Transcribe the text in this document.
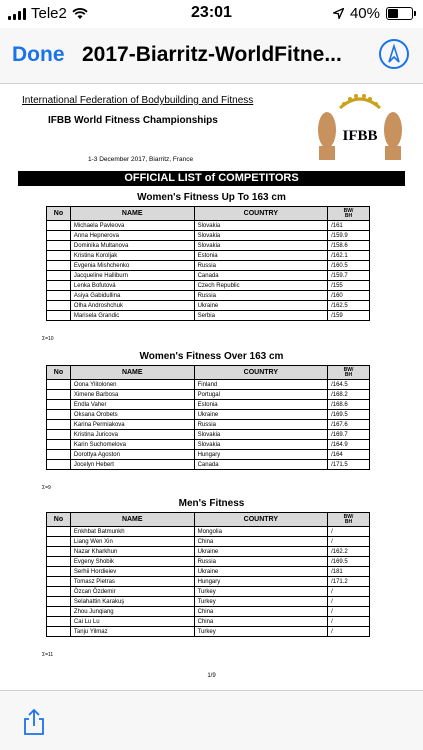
Tele2	23:01	40%
Done 2017-Biarritz-WorldFitne...
International Federation of Bodybuilding and Fitness
IFBB World Fitness Championships
1-3 December 2017, Biarritz, France
IFBB
OFFICIAL LIST of COMPETITORS
Women's Fitness Up To 163 cm
No	NAME	COUNTRY	BW/
BH
	Michaela Pavleova	Slovakia	/161
	Anna Hepnerova	Slovakia	/159.9
	Dominika Multanova	Slovakia	/158.6
	Kristina Koroljak	Estonia	/162.1
	Evgenia Mishchenko	Russia	/160.5
	Jacqueline Halliburn	Canada	/159.7
	Lenka Bofutová	Czech Republic	/155
	Asiya Gabidullina	Russia	/160
	Olha Androshchuk	Ukraine	/162.5
	Marisela Grandic	Serbia	/159
Σ=10
Women's Fitness Over 163 cm
No	NAME	COUNTRY	BW/
BH
	Oona Ylitolonen	Finland	/164.5
	Ximene Barbosa	Portugal	/168.2
	Endla Vaher	Estonia	/168.6
	Oksana Orobets	Ukraine	/169.5
	Karina Permiakova	Russia	/167.6
	Kristina Juricova	Slovakia	/169.7
	Karin Suchomelova	Slovakia	/164.9
	Dorottya Agoston	Hungary	/164
	Jocelyn Hebert	Canada	/171.5
Σ=9
Men's Fitness
No	NAME	COUNTRY	BW/
BH
	Enkhbat Batmunkh	Mongolia	/
	Liang Wen Xin	China	/
	Nazar Kharkhun	Ukraine	/162.2
	Evgeny Shobik	Russia	/169.5
	Serhii Hordieiev	Ukraine	/181
	Tomasz Pietras	Hungary	/171.2
	Özcan Özdemir	Turkey	/
	Selahattin Karakuş	Turkey	/
	Zhou Junqiang	China	/
	Cai Lu Lu	China	/
	Tanju Yilmaz	Turkey	/
Σ=11
1/9
